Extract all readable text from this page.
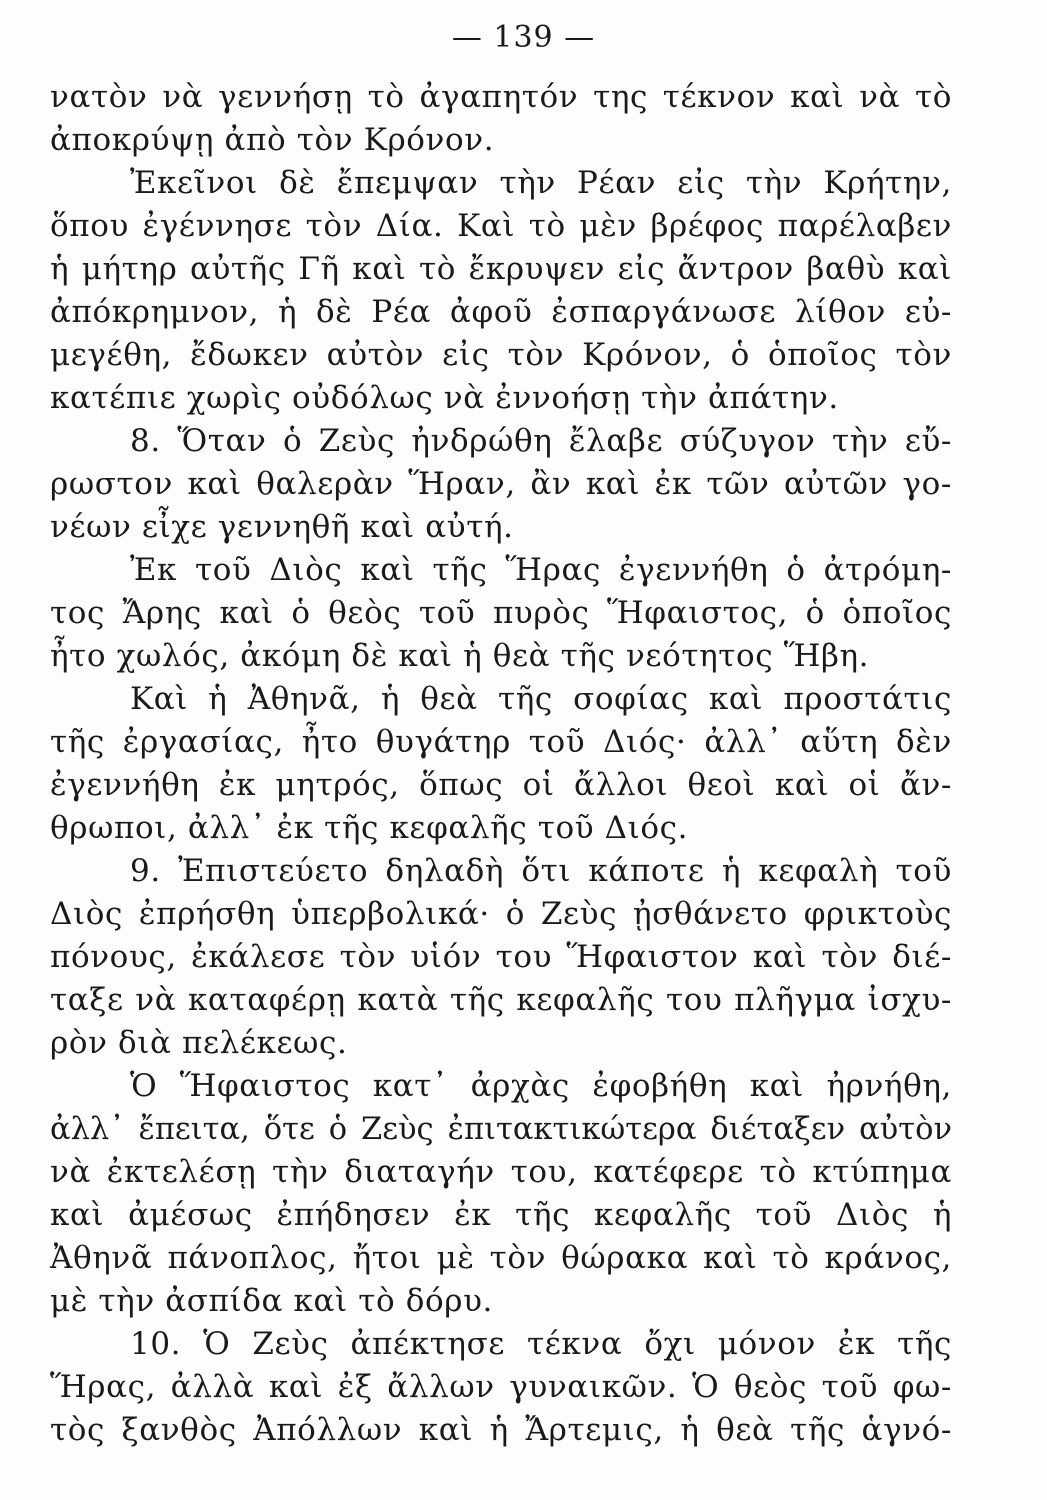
— 139 —
νατὸν νὰ γεννήσῃ τὸ ἀγαπητόν της τέκνον καὶ νὰ τὸ
ἀποκρύψῃ ἀπὸ τὸν Κρόνον.
Ἐκεῖνοι δὲ ἔπεμψαν τὴν Ρέαν εἰς τὴν Κρήτην,
ὅπου ἐγέννησε τὸν Δία. Καὶ τὸ μὲν βρέφος παρέλαβεν
ἡ μήτηρ αὐτῆς Γῆ καὶ τὸ ἔκρυψεν εἰς ἄντρον βαθὺ καὶ
ἀπόκρημνον, ἡ δὲ Ρέα ἀφοῦ ἐσπαργάνωσε λίθον εὐ-
μεγέθη, ἔδωκεν αὐτὸν εἰς τὸν Κρόνον, ὁ ὁποῖος τὸν
κατέπιε χωρὶς οὐδόλως νὰ ἐννοήσῃ τὴν ἀπάτην.
8. Ὅταν ὁ Ζεὺς ἠνδρώθη ἔλαβε σύζυγον τὴν εὔ-
ρωστον καὶ θαλερὰν Ἥραν, ἂν καὶ ἐκ τῶν αὐτῶν γο-
νέων εἶχε γεννηθῆ καὶ αὐτή.
Ἐκ τοῦ Διὸς καὶ τῆς Ἥρας ἐγεννήθη ὁ ἀτρόμη-
τος Ἄρης καὶ ὁ θεὸς τοῦ πυρὸς Ἥφαιστος, ὁ ὁποῖος
ἦτο χωλός, ἀκόμη δὲ καὶ ἡ θεὰ τῆς νεότητος Ἥβη.
Καὶ ἡ Ἀθηνᾶ, ἡ θεὰ τῆς σοφίας καὶ προστάτις
τῆς ἐργασίας, ἦτο θυγάτηρ τοῦ Διός· ἀλλ᾽ αὕτη δὲν
ἐγεννήθη ἐκ μητρός, ὅπως οἱ ἄλλοι θεοὶ καὶ οἱ ἄν-
θρωποι, ἀλλ᾽ ἐκ τῆς κεφαλῆς τοῦ Διός.
9. Ἐπιστεύετο δηλαδὴ ὅτι κάποτε ἡ κεφαλὴ τοῦ
Διὸς ἐπρήσθη ὑπερβολικά· ὁ Ζεὺς ᾐσθάνετο φρικτοὺς
πόνους, ἐκάλεσε τὸν υἱόν του Ἥφαιστον καὶ τὸν διέ-
ταξε νὰ καταφέρῃ κατὰ τῆς κεφαλῆς του πλῆγμα ἰσχυ-
ρὸν διὰ πελέκεως.
Ὁ Ἥφαιστος κατ᾽ ἀρχὰς ἐφοβήθη καὶ ἠρνήθη,
ἀλλ᾽ ἔπειτα, ὅτε ὁ Ζεὺς ἐπιτακτικώτερα διέταξεν αὐτὸν
νὰ ἐκτελέσῃ τὴν διαταγήν του, κατέφερε τὸ κτύπημα
καὶ ἀμέσως ἐπήδησεν ἐκ τῆς κεφαλῆς τοῦ Διὸς ἡ
Ἀθηνᾶ πάνοπλος, ἤτοι μὲ τὸν θώρακα καὶ τὸ κράνος,
μὲ τὴν ἀσπίδα καὶ τὸ δόρυ.
10. Ὁ Ζεὺς ἀπέκτησε τέκνα ὄχι μόνον ἐκ τῆς
Ἥρας, ἀλλὰ καὶ ἐξ ἄλλων γυναικῶν. Ὁ θεὸς τοῦ φω-
τὸς ξανθὸς Ἀπόλλων καὶ ἡ Ἄρτεμις, ἡ θεὰ τῆς ἁγνό-
